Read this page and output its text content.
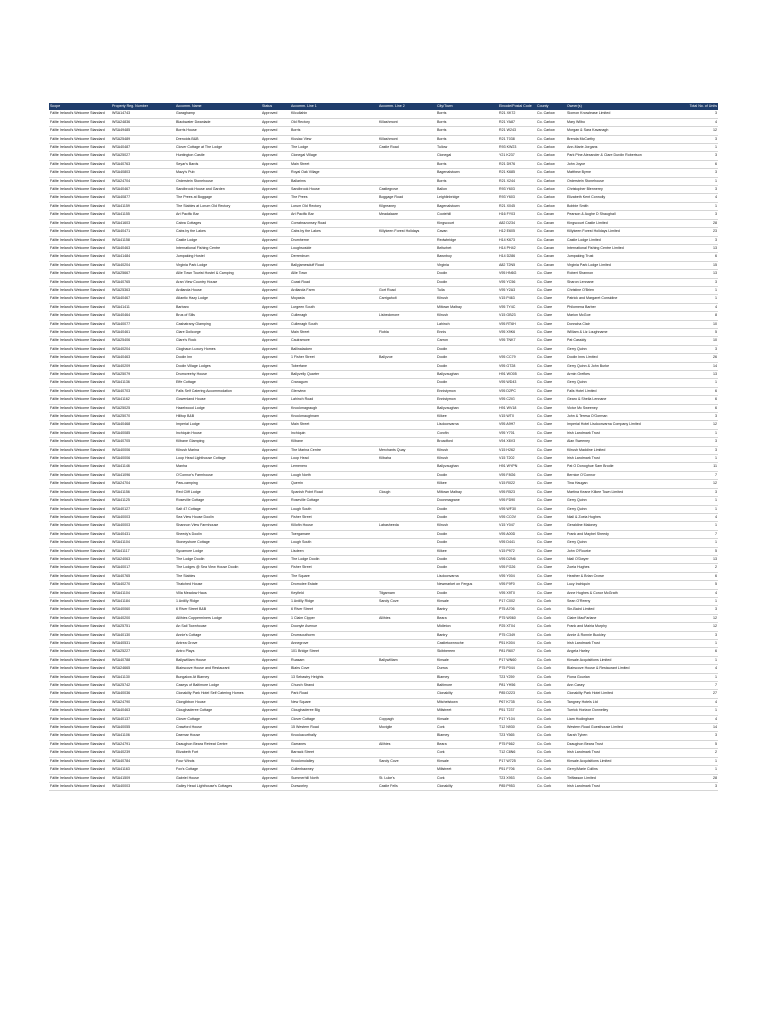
Scope	Property Reg. Number	Accomm. Name	Status	Accomm. Line 1	Accomm. Line 2	City/Town	Eircode/Postal Code	County	Owner(s)	Total No. of Units
Fáilte Ireland's Welcome Standard	WSA14743	Garaghamp	Approved	Kilcullahin		Borris	R21 XK72	Co. Carlow	Siomon Knowlease Limited	3
Fáilte Ireland's Welcome Standard	WSA24836	Blackwater Dwanlade	Approved	Old Rectory	Killashmont	Borris	R21 YA87	Co. Carlow	Mary Wilbo	4
Fáilte Ireland's Welcome Standard	WSA49485	Borris House	Approved	Borris		Borris	R21 W243	Co. Carlow	Morgan & Sara Kavanagh	12
Fáilte Ireland's Welcome Standard	WSA25489	Drenoids B&B	Approved	Kiusiac View	Killashmont	Borris	R21 T038	Co. Carlow	Brenda McCarthy	3
Fáilte Ireland's Welcome Standard	WSA40487	Clover Cottage at The Lodge	Approved	The Lodge	Castle Road	Tullow	R93 KW23	Co. Carlow	Ann-Marie Jorgans	1
Fáilte Ireland's Welcome Standard	WSA25027	Huntington Castle	Approved	Clonegal Village		Clonegal	Y21 K237	Co. Carlow	Park Pine Alexander & Clare Durdin Robertson	3
Fáilte Ireland's Welcome Standard	WSA40763	Seyar's Bards	Approved	Main Street		Borris	R21 D976	Co. Carlow	John Joyce	6
Fáilte Ireland's Welcome Standard	WSA40803	Mazy's Pub	Approved	Royal Oak Village		Bagenalstown	R21 K685	Co. Carlow	Matthew Byrne	3
Fáilte Ireland's Welcome Standard	WSA24704	Orderstein Stonehouse	Approved	Ballarims		Borris	R21 X244	Co. Carlow	Orderstein Stonehouse	1
Fáilte Ireland's Welcome Standard	WSA40467	Sandbrook House and Garden	Approved	Sandbrook House	Castlegrove	Ballon	R93 Y603	Co. Carlow	Christopher Blennerey	3
Fáilte Ireland's Welcome Standard	WSA40877	The Prees at Boggage	Approved	The Prees	Boggage Road	Leighlinbridge	R93 Y603	Co. Carlow	Elizabeth Kent Connolly	4
Fáilte Ireland's Welcome Standard	WSA41159	The Stables at Lorum Old Rectory	Approved	Lorum Old Rectory	Kilgreaney	Bagenalstown	R21 X045	Co. Carlow	Bobbie Smith	1
Fáilte Ireland's Welcome Standard	WSA41155	Art Pacific Bar	Approved	Art Pacific Bar	Meadalaare	Cootehill	H16 FY03	Co. Cavan	Pearson & Aughe D Shaughall	3
Fáilte Ireland's Welcome Standard	WSA41603	Cabra Cottages	Approved	Corrabrazonsey Road		Kingscourt	A82 D234	Co. Cavan	Kingscourt Castle Limited	28
Fáilte Ireland's Welcome Standard	WSA40471	Cabs by the Lakes	Approved	Cabs by the Lakes	Killykeen Forest Holidays	Cavan	H12 E605	Co. Cavan	Killykeen Forest Holidays Limited	23
Fáilte Ireland's Welcome Standard	WSA41158	Castle Lodge	Approved	Drumherne		Redwbridge	H14 K673	Co. Cavan	Castle Lodge Limited	3
Fáilte Ireland's Welcome Standard	WSA40463	International Fishing Centre	Approved	Loughsoside		Belturbet	H14 PH42	Co. Cavan	International Fishing Centre Limited	13
Fáilte Ireland's Welcome Standard	WSA41484	Jumpaking Hostel	Approved	Derrerdrum		Bawnboy	H14 D286	Co. Cavan	Jumpaking Trust	6
Fáilte Ireland's Welcome Standard	WSA40204	Virginia Park Lodge	Approved	Ballyjamesduff Road		Virginia	A82 T2N5	Co. Cavan	Virginia Park Lodge Limited	15
Fáilte Ireland's Welcome Standard	WSA25667	Allie Town Tourist Hostel & Camping	Approved	Allie Town		Doolin	V95 HN6G	Co. Clare	Robert Shannon	13
Fáilte Ireland's Welcome Standard	WSA40765	Aran View Country House	Approved	Coast Road		Doolin	V95 YC56	Co. Clare	Sharon Lennane	3
Fáilte Ireland's Welcome Standard	WSA25363	Ardlanda House	Approved	Ardlanda Farm	Gort Road	Tulla	V95 Y2A3	Co. Clare	Christine O'Brien	1
Fáilte Ireland's Welcome Standard	WSA40467	Atlantic Hazy Lodge	Approved	Moyasta	Carrigaholt	Kilrush	V15 P463	Co. Clare	Patrick and Margaret Considine	1
Fáilte Ireland's Welcome Standard	WSA41411	Barbaro	Approved	Lurgeen South		Miltown Malbay	V95 7Y4C	Co. Clare	Philomena Barber	4
Fáilte Ireland's Welcome Standard	WSA40464	Brus of Sills	Approved	Cullenagh	Lisbeckmore	Kilrush	V15 GB23	Co. Clare	Marion McGoe	8
Fáilte Ireland's Welcome Standard	WSA40077	Cashatrany Glamping	Approved	Cullenagh South		Lahinch	V95 RT6H	Co. Clare	Donncha Clair	10
Fáilte Ireland's Welcome Standard	WSA40461	Clare Doilcorge	Approved	Main Street	Flobla	Ennis	V95 X9K6	Co. Clare	William & Liz Loughname	5
Fáilte Ireland's Welcome Standard	WSA25406	Clare's Rock	Approved	Caulramore		Carron	V95 TNK7	Co. Clare	Pat Cassidy	10
Fáilte Ireland's Welcome Standard	WSA40204	Cloghaun Luxury Homes	Approved	Ballinalacken		Doolin		Co. Clare	Gerry Quinn	3
Fáilte Ireland's Welcome Standard	WSA40463	Doolin Inn	Approved	1 Fisher Street	Ballyvoe	Doolin	V95 CC79	Co. Clare	Doolin Inns Limited	26
Fáilte Ireland's Welcome Standard	WSA40209	Doolin Village Lodges	Approved	Toberfane		Doolin	V95 GT28	Co. Clare	Gerry Quinn & John Burke	14
Fáilte Ireland's Welcome Standard	WSA25079	Drumcreehy House	Approved	Ballyvelly Quarter		Ballyvaughan	H91 WO05	Co. Clare	Armin Grefkes	13
Fáilte Ireland's Welcome Standard	WSA41136	Effe Cottage	Approved	Cranagum		Doolin	V95 WD43	Co. Clare	Gerry Quinn	1
Fáilte Ireland's Welcome Standard	WSA40703	Falls Self Catering Accommodation	Approved	Glenview		Ennistymon	V95 D2PC	Co. Clare	Falls Hotel Limited	6
Fáilte Ireland's Welcome Standard	WSA41162	Gowenland House	Approved	Lahinch Road		Ennistymon	V95 C2IG	Co. Clare	Gearo & Sheila Lennane	6
Fáilte Ireland's Welcome Standard	WSA25025	Hazelwood Lodge	Approved	Knockmagraugh		Ballyvaughan	H91 WV18	Co. Clare	Victor Mc Sweeney	6
Fáilte Ireland's Welcome Standard	WSA25070	Hilltop B&B	Approved	Knockmaughnam		Kilkee	V15 WT0	Co. Clare	John & Teresa O'Gorman	3
Fáilte Ireland's Welcome Standard	WSA40468	Imperial Lodge	Approved	Main Street		Lisdoonvarna	V95 A9H7	Co. Clare	Imperial Hotel Lisdoonvarna Company Limited	12
Fáilte Ireland's Welcome Standard	WSA40085	Inchiquin House	Approved	Inchiquin		Corofin	V95 Y701	Co. Clare	Irish Landmark Trust	1
Fáilte Ireland's Welcome Standard	WSA40705	Kilbane Glamping	Approved	Kilbane		Broadford	V94 X6V3	Co. Clare	Alan Sweeney	3
Fáilte Ireland's Welcome Standard	WSA40006	Kilrush Marina	Approved	The Marina Centre	Merchants Quay	Kilrush	V15 H262	Co. Clare	Kilrush Maddine Limited	3
Fáilte Ireland's Welcome Standard	WSA40006	Loop Head Lighthouse Cottage	Approved	Loop Head	Kilbaha	Kilrush	V15 T202	Co. Clare	Irish Landmark Trust	1
Fáilte Ireland's Welcome Standard	WSA41146	Manha	Approved	Lemenero		Ballyvaughan	H91 WYPN	Co. Clare	Pat O Donoghue Sam Brodie	11
Fáilte Ireland's Welcome Standard	WSA41096	O'Connor's Farmhouse	Approved	Lough North		Doolin	V95 F8G6	Co. Clare	Bernice O'Connor	7
Fáilte Ireland's Welcome Standard	WSA24704	Paw-camping	Approved	Querrin		Kilkee	V15 R022	Co. Clare	Tina Haugan	12
Fáilte Ireland's Welcome Standard	WSA41156	Red Cliff Lodge	Approved	Spanish Point Road	Clough	Miltown Malbay	V95 R523	Co. Clare	Martina Keane Kilkee Town Limited	3
Fáilte Ireland's Welcome Standard	WSA41125	Roseville Cottage	Approved	Roseville Cottage		Doonmagrane	V95 FD90	Co. Clare	Gerry Quinn	1
Fáilte Ireland's Welcome Standard	WSA40127	Salt 47 Cottage	Approved	Lough South		Doolin	V95 WF30	Co. Clare	Gerry Quinn	1
Fáilte Ireland's Welcome Standard	WSA40003	Sea View House Doolin	Approved	Fisher Street		Doolin	V95 CC0V	Co. Clare	Niall & Zoeia Hughes	4
Fáilte Ireland's Welcome Standard	WSA40003	Shannon View Farmhouse	Approved	Killofin House	Labasheeda	Kilrush	V15 Y047	Co. Clare	Geraldine Maloney	1
Fáilte Ireland's Welcome Standard	WSA40431	Sheedy's Doolin	Approved	Toergamare		Doolin	V95 A00D	Co. Clare	Frank and Maybel Sheedy	7
Fáilte Ireland's Welcome Standard	WSA41104	Stoneyshore Cottage	Approved	Lough South		Doolin	V95 D441	Co. Clare	Gerry Quinn	1
Fáilte Ireland's Welcome Standard	WSA41117	Sycamore Lodge	Approved	Lisdeen		Kilkee	V15 P972	Co. Clare	John O'Rourke	5
Fáilte Ireland's Welcome Standard	WSA24063	The Lodge Doolin	Approved	The Lodge Doolin		Doolin	V95 D2N6	Co. Clare	Niall O'Dwyer	13
Fáilte Ireland's Welcome Standard	WSA40017	The Lodges @ Sea View House Doolin	Approved	Fisher Street		Doolin	V95 FG26	Co. Clare	Zoeia Hughes	2
Fáilte Ireland's Welcome Standard	WSA40765	The Stables	Approved	The Square		Lisdoonvarna	V95 Y004	Co. Clare	Heather & Brian Crowe	6
Fáilte Ireland's Welcome Standard	WSA40270	Thatched House	Approved	Dromolee Estate		Newmarket on Fergus	V95 F9F0	Co. Clare	Lucy Inchiquin	5
Fáilte Ireland's Welcome Standard	WSA41104	Villa Meadow Haus	Approved	Keyfield	Tilgarnam	Doolin	V95 X9T0	Co. Clare	Anne Hughes & Conor McGrath	4
Fáilte Ireland's Welcome Standard	WSA41184	1 Ardilly Ridge	Approved	1 Ardilly Ridge	Sandy Cove	Kinsale	P17 C002	Co. Cork	Sean O'Reeny	1
Fáilte Ireland's Welcome Standard	WSA40060	6 River Street B&B	Approved	6 River Street		Bantry	P75 A706	Co. Cork	Sin-Baird Limited	3
Fáilte Ireland's Welcome Standard	WSA40200	Allihies Copperminers Lodge	Approved	1 Claim Cipper	Allihies	Beara	P75 W060	Co. Cork	Claire MacFarlane	12
Fáilte Ireland's Welcome Standard	WSA25751	An Sail Townhouse	Approved	Doonyle Avenue		Midleton	P25 XT04	Co. Cork	Frank and Mairia Murphy	12
Fáilte Ireland's Welcome Standard	WSA40130	Annie's Cottage	Approved	Drumsouthorm		Bantry	P75 C349	Co. Cork	Annie & Ronnie Buckley	3
Fáilte Ireland's Welcome Standard	WSA40531	Antrea Grove	Approved	Annegrove		Castletownroche	P51 K004	Co. Cork	Irish Landmark Trust	1
Fáilte Ireland's Welcome Standard	WSA25227	Antro Plays	Approved	101 Bridge Street		Skibbereen	P81 R607	Co. Cork	Angela Harley	6
Fáilte Ireland's Welcome Standard	WSA40788	Ballywilliam House	Approved	Ruasam	Ballywilliam	Kinsale	P17 WN60	Co. Cork	Kinsale Acquisitions Limited	1
Fáilte Ireland's Welcome Standard	WSA24665	Blairscove House and Restaurant	Approved	Blairs Cove		Durrus	P75 P044	Co. Cork	Blairscove House & Restaurant Limited	4
Fáilte Ireland's Welcome Standard	WSA41130	Bungalow At Blarney	Approved	13 Sebastry Heights		Blarney	T23 Y259	Co. Cork	Fiona Gourlan	1
Fáilte Ireland's Welcome Standard	WSA25742	Caseys of Baltimore Lodge	Approved	Church Strand		Baltimore	P81 YH56	Co. Cork	Ann Casey	7
Fáilte Ireland's Welcome Standard	WSA40036	Clonakilty Park Hotel Self Catering Homes	Approved	Park Road		Clonakilty	P85 D223	Co. Cork	Clonakilty Park Hotel Limited	27
Fáilte Ireland's Welcome Standard	WSA24790	Clongibbon House	Approved	New Square		Mitchelstown	P67 K735	Co. Cork	Tangney Hotels Ltd	4
Fáilte Ireland's Welcome Standard	WSA40463	Cloughaderee Cottage	Approved	Cloughaderee Big		Millstreet	P51 T237	Co. Cork	Turrick Horizon Donnelley	1
Fáilte Ireland's Welcome Standard	WSA40137	Clover Cottage	Approved	Clover Cottage	Coppagh	Kinsale	P17 Y104	Co. Cork	Liam Hodingham	4
Fáilte Ireland's Welcome Standard	WSA40055	Crawford House	Approved	15 Western Road	Moviglie	Cork	T12 N930	Co. Cork	Western Road Guesthouse Limited	14
Fáilte Ireland's Welcome Standard	WSA41106	Daemar House	Approved	Knockacurthally		Blarney	T23 Y565	Co. Cork	Sarah Tyben	3
Fáilte Ireland's Welcome Standard	WSA24791	Dzaughon Beara Retreat Centre	Approved	Garranes	Allihies	Beara	P75 F662	Co. Cork	Dzaughon Beara Trust	5
Fáilte Ireland's Welcome Standard	WSA40239	Elizabeth Fort	Approved	Barrack Street		Cork	T12 C8N6	Co. Cork	Irish Landmark Trust	2
Fáilte Ireland's Welcome Standard	WSA40784	Four Winds	Approved	Knockmolalley	Sandy Cove	Kinsale	P17 W725	Co. Cork	Kinsale Acquisitions Limited	1
Fáilte Ireland's Welcome Standard	WSA41163	Fox's Cottage	Approved	Cullenbawney		Millstreet	P51 F706	Co. Cork	Gerry/Marie Collins	1
Fáilte Ireland's Welcome Standard	WSA41509	Gabriel House	Approved	Summerhill North	St. Luke's	Cork	T23 X953	Co. Cork	Tiriflasson Limited	28
Fáilte Ireland's Welcome Standard	WSA40003	Galley Head Lighthouse's Cottages	Approved	Dunworley	Castle Fells	Clonakilty	P85 P953	Co. Cork	Irish Landmark Trust	3
